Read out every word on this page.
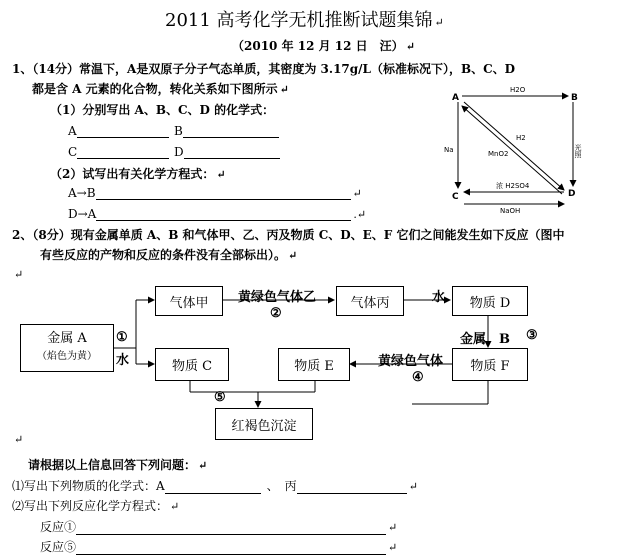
2011 高考化学无机推断试题集锦 ↵
（2010 年 12 月 12 日　汪） ↵
1、（14分）常温下，A是双原子分子气态单质，其密度为 3.17g/L（标准标况下），B、C、D
都是含 A 元素的化合物，转化关系如下图所示 ↵
（1）分别写出 A、B、C、D 的化学式：
A	B
C	D
（2）试写出有关化学方程式： ↵
A→B	↵
D→A	.↵
A	B
C	D
H2O
Na	光照
H2
MnO2
浓 H2SO4
NaOH
2、（8分）现有金属单质 A、B 和气体甲、乙、丙及物质 C、D、E、F 它们之间能发生如下反应（图中
有些反应的产物和反应的条件没有全部标出）。 ↵
↵
金属 A
（焰色为黄）
气体甲	气体丙	物质 D
物质 C	物质 E	物质 F
红褐色沉淀
①
水
黄绿色气体乙
②
水
金属　B ③
黄绿色气体
④
⑤
↵
请根据以上信息回答下列问题： ↵
⑴写出下列物质的化学式：A	、　丙	↵
⑵写出下列反应化学方程式： ↵
反应①	↵
反应⑤	↵
